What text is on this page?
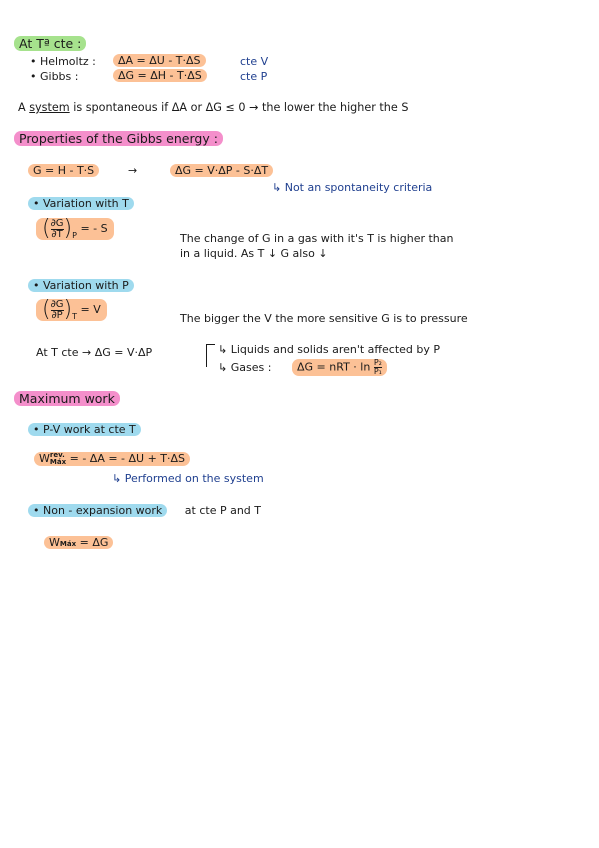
At Tª cte :
• Helmoltz :	ΔA = ΔU - T·ΔS	cte V
• Gibbs :	ΔG = ΔH - T·ΔS	cte P
A system is spontaneous if ΔA or ΔG ≤ 0 → the lower the higher the S
Properties of the Gibbs energy :
G = H - T·S	→	ΔG = V·ΔP - S·ΔT
↳ Not an spontaneity criteria
• Variation with T
( $\frac{\partial G}{\partial T} )_P$ = - S
The change of G in a gas with it's T is higher than
in a liquid. As T ↓ G also ↓
• Variation with P
( $\frac{\partial G}{\partial P} )_T = V$
The bigger the V the more sensitive G is to pressure
At T cte → ΔG = V·ΔP	↳ Liquids and solids aren't affected by P
↳ Gases :	ΔG = nRT · $\ln \frac{\text{P₂}}{\text{P₁}}$
Maximum work
• P-V work at cte T
W rev.
Máx = - ΔA = - ΔU + T·ΔS
↳ Performed on the system
• Non - expansion work at cte P and T
WMáx = ΔG
